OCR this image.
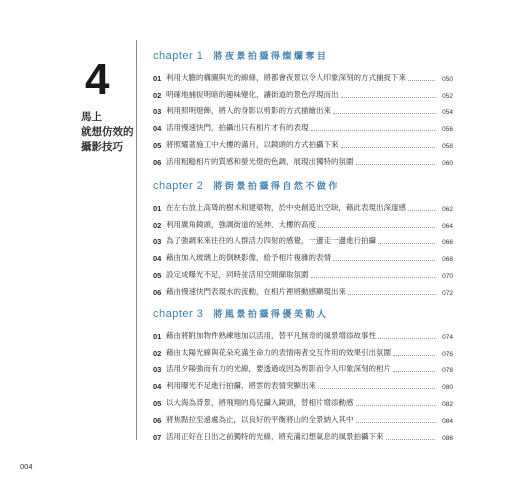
4
馬上
就想仿效的
攝影技巧
chapter 1 將夜景拍攝得燦爛奪目
01 利用大膽的構圖與光的線條，將都會夜景以令人印象深刻的方式捕捉下來	050
02 明確地捕捉明暗的趣味變化，讓街道的景色浮現而出	052
03 利用照明燈飾，將人的身影以剪影的方式描繪出來	054
04 活用慢速快門，拍攝出只有相片才有的表現	056
05 將照耀著施工中大樓的滿月，以鏡頭的方式拍攝下來	058
06 活用粗糙相片的質感和螢光燈的色調，展現出獨特的氛圍	060
chapter 2 將街景拍攝得自然不做作
01 在左右放上高聳的樹木和建築物，於中央創造出空缺，藉此表現出深邃感	062
02 利用廣角鏡頭，強調街道的延伸、大樓的高度	064
03 為了強調來來往往的人群活力四射的感覺，一邊走一邊進行拍攝	066
04 藉由加入玻璃上的倒映影像，給予相片複雜的表情	068
05 設定成曝光不足，同時並活用空間擷取氛圍	070
06 藉由慢速快門表現水的流動，在相片裡將動感顯現出來	072
chapter 3 將風景拍攝得優美動人
01 藉由將附加物件熟練地加以活用，替平凡無奇的風景增添故事性	074
02 藉由太陽光線與花朵充滿生命力的表情兩者交互作用的效果引出氛圍	076
03 活用夕陽強而有力的光線，要透過或因為剪影而令人印象深刻的相片	078
04 利用曝光不足進行拍攝，將雲的表情突顯出來	080
05 以大海為背景，將飛翔的鳥兒攝入鏡頭，替相片增添動感	082
06 將焦點拉至遠處為止，以良好的平衡將山的全景納入其中	084
07 活用正好在日出之前獨特的光線，將充滿幻想氣息的風景拍攝下來	086
004
